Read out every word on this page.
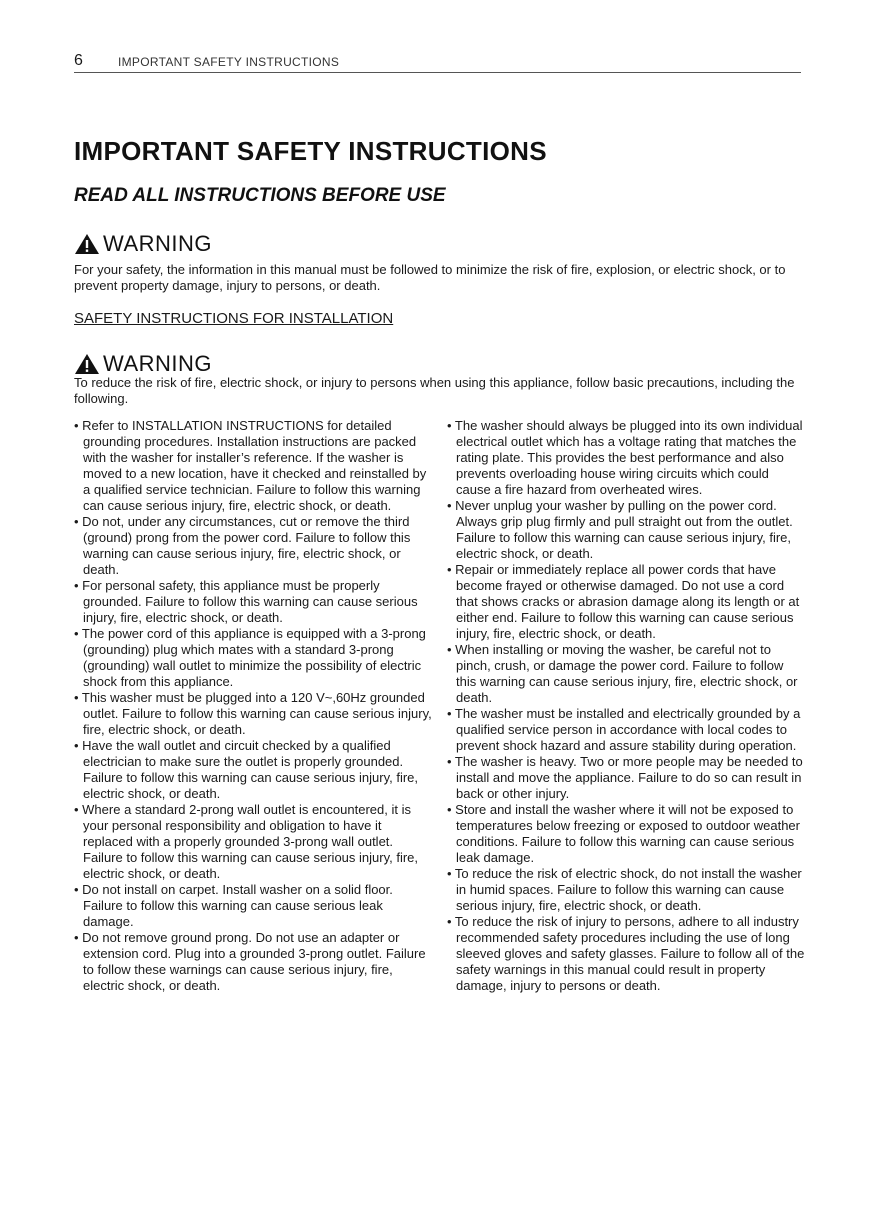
6	IMPORTANT SAFETY INSTRUCTIONS
IMPORTANT SAFETY INSTRUCTIONS
READ ALL INSTRUCTIONS BEFORE USE
WARNING

For your safety, the information in this manual must be followed to minimize the risk of fire, explosion, or electric shock, or to prevent property damage, injury to persons, or death.

SAFETY INSTRUCTIONS FOR INSTALLATION

WARNING

To reduce the risk of fire, electric shock, or injury to persons when using this appliance, follow basic precautions, including the following.

• Refer to INSTALLATION INSTRUCTIONS for detailed grounding procedures. Installation instructions are packed with the washer for installer’s reference. If the washer is moved to a new location, have it checked and reinstalled by a qualified service technician. Failure to follow this warning can cause serious injury, fire, electric shock, or death.
• Do not, under any circumstances, cut or remove the third (ground) prong from the power cord. Failure to follow this warning can cause serious injury, fire, electric shock, or death.
• For personal safety, this appliance must be properly grounded. Failure to follow this warning can cause serious injury, fire, electric shock, or death.
• The power cord of this appliance is equipped with a 3-prong (grounding) plug which mates with a standard 3-prong (grounding) wall outlet to minimize the possibility of electric shock from this appliance.
• This washer must be plugged into a 120 V~,60Hz grounded outlet. Failure to follow this warning can cause serious injury, fire, electric shock, or death.
• Have the wall outlet and circuit checked by a qualified electrician to make sure the outlet is properly grounded. Failure to follow this warning can cause serious injury, fire, electric shock, or death.
• Where a standard 2-prong wall outlet is encountered, it is your personal responsibility and obligation to have it replaced with a properly grounded 3-prong wall outlet. Failure to follow this warning can cause serious injury, fire, electric shock, or death.
• Do not install on carpet. Install washer on a solid floor. Failure to follow this warning can cause serious leak damage.
• Do not remove ground prong. Do not use an adapter or extension cord. Plug into a grounded 3-prong outlet. Failure to follow these warnings can cause serious injury, fire, electric shock, or death.
• The washer should always be plugged into its own individual electrical outlet which has a voltage rating that matches the rating plate. This provides the best performance and also prevents overloading house wiring circuits which could cause a fire hazard from overheated wires.
• Never unplug your washer by pulling on the power cord. Always grip plug firmly and pull straight out from the outlet. Failure to follow this warning can cause serious injury, fire, electric shock, or death.
• Repair or immediately replace all power cords that have become frayed or otherwise damaged. Do not use a cord that shows cracks or abrasion damage along its length or at either end. Failure to follow this warning can cause serious injury, fire, electric shock, or death.
• When installing or moving the washer, be careful not to pinch, crush, or damage the power cord. Failure to follow this warning can cause serious injury, fire, electric shock, or death.
• The washer must be installed and electrically grounded by a qualified service person in accordance with local codes to prevent shock hazard and assure stability during operation.
• The washer is heavy. Two or more people may be needed to install and move the appliance. Failure to do so can result in back or other injury.
• Store and install the washer where it will not be exposed to temperatures below freezing or exposed to outdoor weather conditions. Failure to follow this warning can cause serious leak damage.
• To reduce the risk of electric shock, do not install the washer in humid spaces. Failure to follow this warning can cause serious injury, fire, electric shock, or death.
• To reduce the risk of injury to persons, adhere to all industry recommended safety procedures including the use of long sleeved gloves and safety glasses. Failure to follow all of the safety warnings in this manual could result in property damage, injury to persons or death.
